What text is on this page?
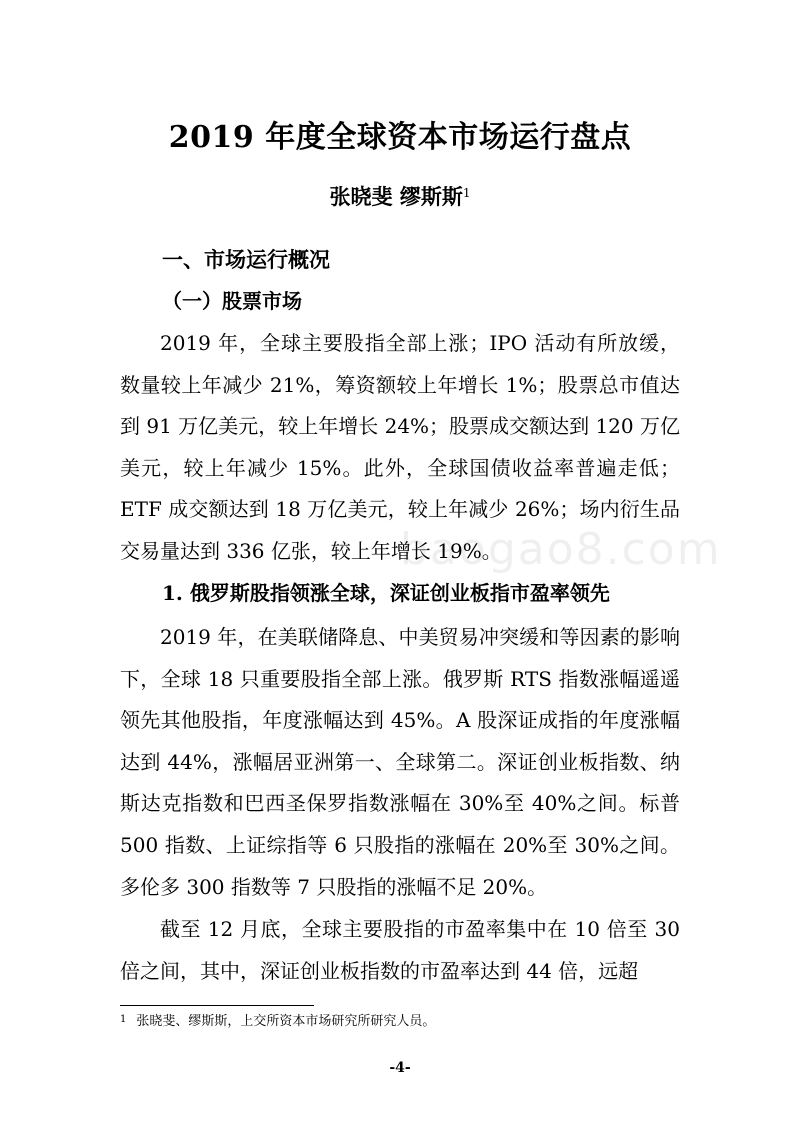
baogao8.com
2019 年度全球资本市场运行盘点
张晓斐 缪斯斯$^1$
一、市场运行概况
（一）股票市场

2019 年，全球主要股指全部上涨；IPO 活动有所放缓，数量较上年减少 21%，筹资额较上年增长 1%；股票总市值达到 91 万亿美元，较上年增长 24%；股票成交额达到 120 万亿美元，较上年减少 15%。此外，全球国债收益率普遍走低；ETF 成交额达到 18 万亿美元，较上年减少 26%；场内衍生品交易量达到 336 亿张，较上年增长 19%。

1. 俄罗斯股指领涨全球，深证创业板指市盈率领先

2019 年，在美联储降息、中美贸易冲突缓和等因素的影响下，全球 18 只重要股指全部上涨。俄罗斯 RTS 指数涨幅遥遥领先其他股指，年度涨幅达到 45%。A 股深证成指的年度涨幅达到 44%，涨幅居亚洲第一、全球第二。深证创业板指数、纳斯达克指数和巴西圣保罗指数涨幅在 30%至 40%之间。标普 500 指数、上证综指等 6 只股指的涨幅在 20%至 30%之间。多伦多 300 指数等 7 只股指的涨幅不足 20%。

截至 12 月底，全球主要股指的市盈率集中在 10 倍至 30 倍之间，其中，深证创业板指数的市盈率达到 44 倍，远超

$^1$ 张晓斐、缪斯斯，上交所资本市场研究所研究人员。
-4-
